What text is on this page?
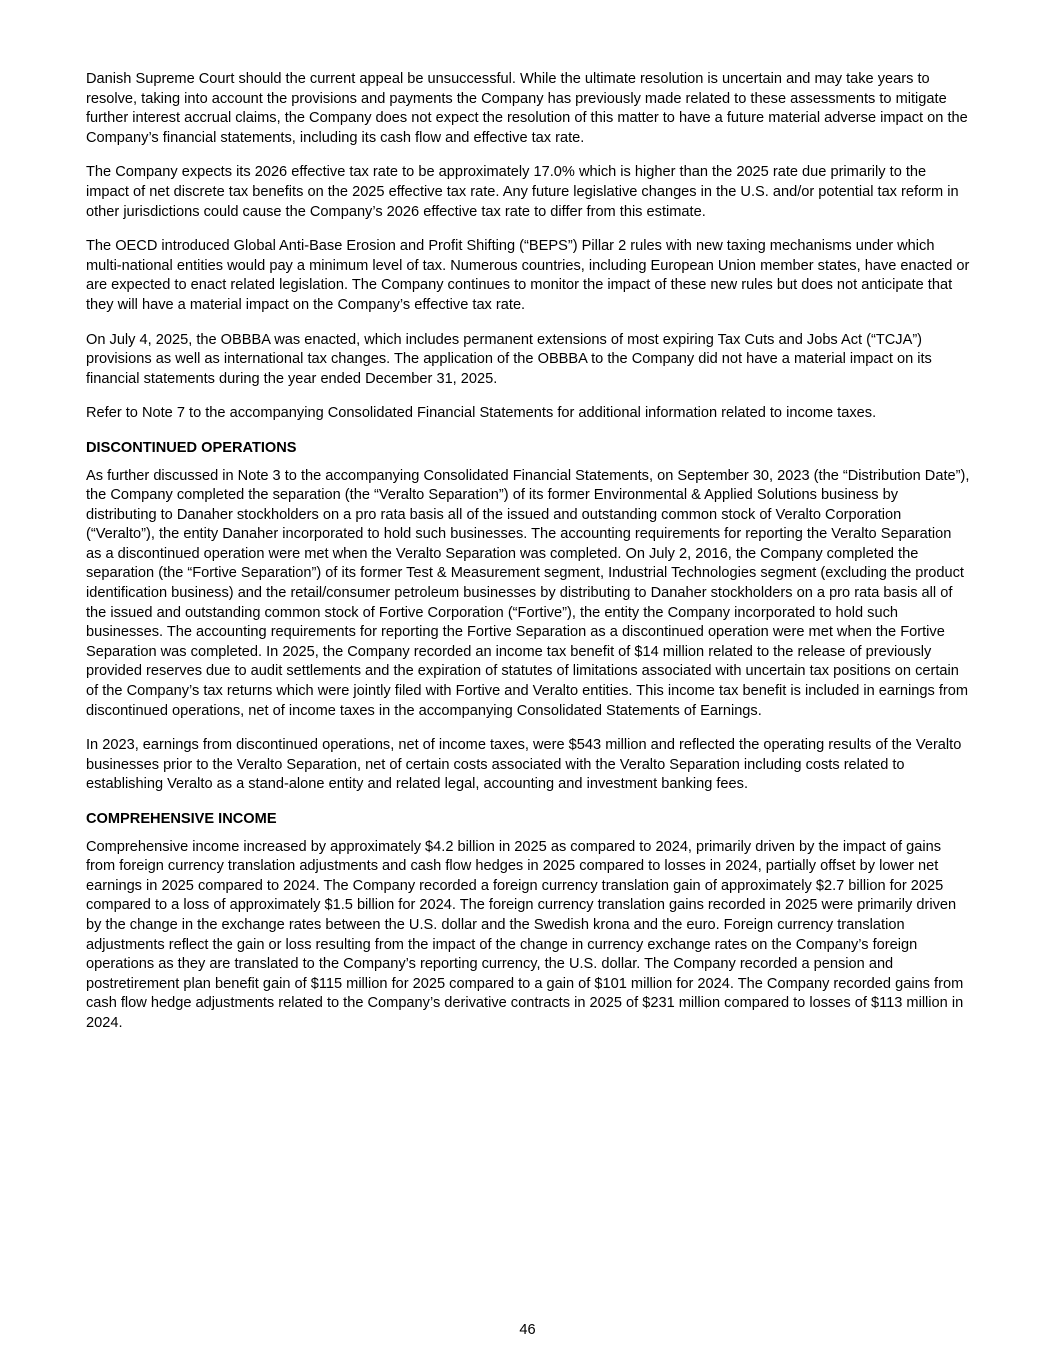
Danish Supreme Court should the current appeal be unsuccessful. While the ultimate resolution is uncertain and may take years to resolve, taking into account the provisions and payments the Company has previously made related to these assessments to mitigate further interest accrual claims, the Company does not expect the resolution of this matter to have a future material adverse impact on the Company’s financial statements, including its cash flow and effective tax rate.

The Company expects its 2026 effective tax rate to be approximately 17.0% which is higher than the 2025 rate due primarily to the impact of net discrete tax benefits on the 2025 effective tax rate. Any future legislative changes in the U.S. and/or potential tax reform in other jurisdictions could cause the Company’s 2026 effective tax rate to differ from this estimate.

The OECD introduced Global Anti-Base Erosion and Profit Shifting (“BEPS”) Pillar 2 rules with new taxing mechanisms under which multi-national entities would pay a minimum level of tax. Numerous countries, including European Union member states, have enacted or are expected to enact related legislation. The Company continues to monitor the impact of these new rules but does not anticipate that they will have a material impact on the Company’s effective tax rate.

On July 4, 2025, the OBBBA was enacted, which includes permanent extensions of most expiring Tax Cuts and Jobs Act (“TCJA”) provisions as well as international tax changes. The application of the OBBBA to the Company did not have a material impact on its financial statements during the year ended December 31, 2025.

Refer to Note 7 to the accompanying Consolidated Financial Statements for additional information related to income taxes.

DISCONTINUED OPERATIONS

As further discussed in Note 3 to the accompanying Consolidated Financial Statements, on September 30, 2023 (the “Distribution Date”), the Company completed the separation (the “Veralto Separation”) of its former Environmental & Applied Solutions business by distributing to Danaher stockholders on a pro rata basis all of the issued and outstanding common stock of Veralto Corporation (“Veralto”), the entity Danaher incorporated to hold such businesses. The accounting requirements for reporting the Veralto Separation as a discontinued operation were met when the Veralto Separation was completed. On July 2, 2016, the Company completed the separation (the “Fortive Separation”) of its former Test & Measurement segment, Industrial Technologies segment (excluding the product identification business) and the retail/consumer petroleum businesses by distributing to Danaher stockholders on a pro rata basis all of the issued and outstanding common stock of Fortive Corporation (“Fortive”), the entity the Company incorporated to hold such businesses. The accounting requirements for reporting the Fortive Separation as a discontinued operation were met when the Fortive Separation was completed. In 2025, the Company recorded an income tax benefit of $14 million related to the release of previously provided reserves due to audit settlements and the expiration of statutes of limitations associated with uncertain tax positions on certain of the Company’s tax returns which were jointly filed with Fortive and Veralto entities. This income tax benefit is included in earnings from discontinued operations, net of income taxes in the accompanying Consolidated Statements of Earnings.

In 2023, earnings from discontinued operations, net of income taxes, were $543 million and reflected the operating results of the Veralto businesses prior to the Veralto Separation, net of certain costs associated with the Veralto Separation including costs related to establishing Veralto as a stand-alone entity and related legal, accounting and investment banking fees.

COMPREHENSIVE INCOME

Comprehensive income increased by approximately $4.2 billion in 2025 as compared to 2024, primarily driven by the impact of gains from foreign currency translation adjustments and cash flow hedges in 2025 compared to losses in 2024, partially offset by lower net earnings in 2025 compared to 2024. The Company recorded a foreign currency translation gain of approximately $2.7 billion for 2025 compared to a loss of approximately $1.5 billion for 2024. The foreign currency translation gains recorded in 2025 were primarily driven by the change in the exchange rates between the U.S. dollar and the Swedish krona and the euro. Foreign currency translation adjustments reflect the gain or loss resulting from the impact of the change in currency exchange rates on the Company’s foreign operations as they are translated to the Company’s reporting currency, the U.S. dollar. The Company recorded a pension and postretirement plan benefit gain of $115 million for 2025 compared to a gain of $101 million for 2024. The Company recorded gains from cash flow hedge adjustments related to the Company’s derivative contracts in 2025 of $231 million compared to losses of $113 million in 2024.

46
